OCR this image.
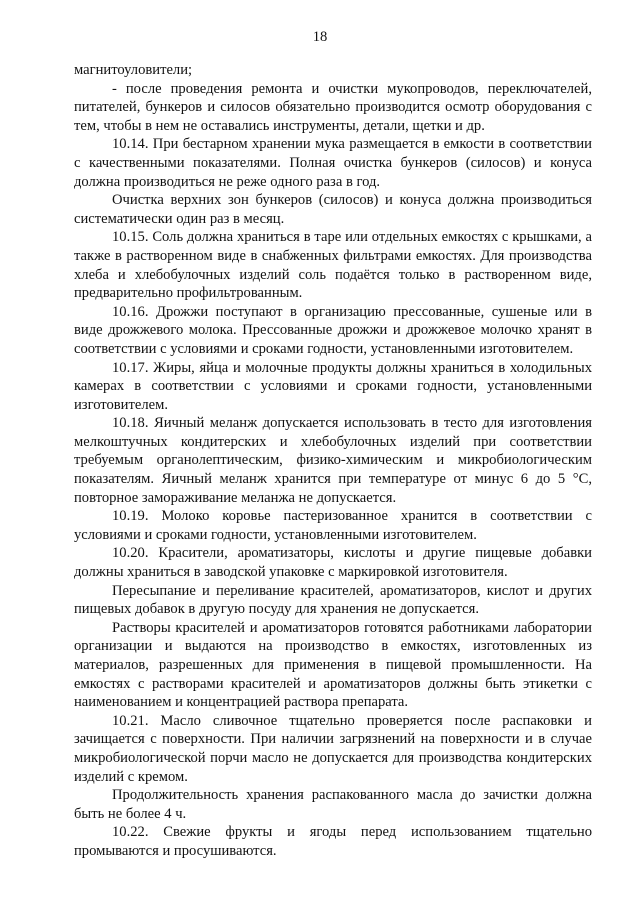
18

магнитоуловители;

- после проведения ремонта и очистки мукопроводов, переключателей, питателей, бункеров и силосов обязательно производится осмотр оборудования с тем, чтобы в нем не оставались инструменты, детали, щетки и др.

10.14. При бестарном хранении мука размещается в емкости в соответствии с качественными показателями. Полная очистка бункеров (силосов) и конуса должна производиться не реже одного раза в год.

Очистка верхних зон бункеров (силосов) и конуса должна производиться систематически один раз в месяц.

10.15. Соль должна храниться в таре или отдельных емкостях с крышками, а также в растворенном виде в снабженных фильтрами емкостях. Для производства хлеба и хлебобулочных изделий соль подаётся только в растворенном виде, предварительно профильтрованным.

10.16. Дрожжи поступают в организацию прессованные, сушеные или в виде дрожжевого молока. Прессованные дрожжи и дрожжевое молочко хранят в соответствии с условиями и сроками годности, установленными изготовителем.

10.17. Жиры, яйца и молочные продукты должны храниться в холодильных камерах в соответствии с условиями и сроками годности, установленными изготовителем.

10.18. Яичный меланж допускается использовать в тесто для изготовления мелкоштучных кондитерских и хлебобулочных изделий при соответствии требуемым органолептическим, физико-химическим и микробиологическим показателям. Яичный меланж хранится при температуре от минус 6 до 5 °С, повторное замораживание меланжа не допускается.

10.19. Молоко коровье пастеризованное хранится в соответствии с условиями и сроками годности, установленными изготовителем.

10.20. Красители, ароматизаторы, кислоты и другие пищевые добавки должны храниться в заводской упаковке с маркировкой изготовителя.

Пересыпание и переливание красителей, ароматизаторов, кислот и других пищевых добавок в другую посуду для хранения не допускается.

Растворы красителей и ароматизаторов готовятся работниками лаборатории организации и выдаются на производство в емкостях, изготовленных из материалов, разрешенных для применения в пищевой промышленности. На емкостях с растворами красителей и ароматизаторов должны быть этикетки с наименованием и концентрацией раствора препарата.

10.21. Масло сливочное тщательно проверяется после распаковки и зачищается с поверхности. При наличии загрязнений на поверхности и в случае микробиологической порчи масло не допускается для производства кондитерских изделий с кремом.

Продолжительность хранения распакованного масла до зачистки должна быть не более 4 ч.

10.22. Свежие фрукты и ягоды перед использованием тщательно промываются и просушиваются.
